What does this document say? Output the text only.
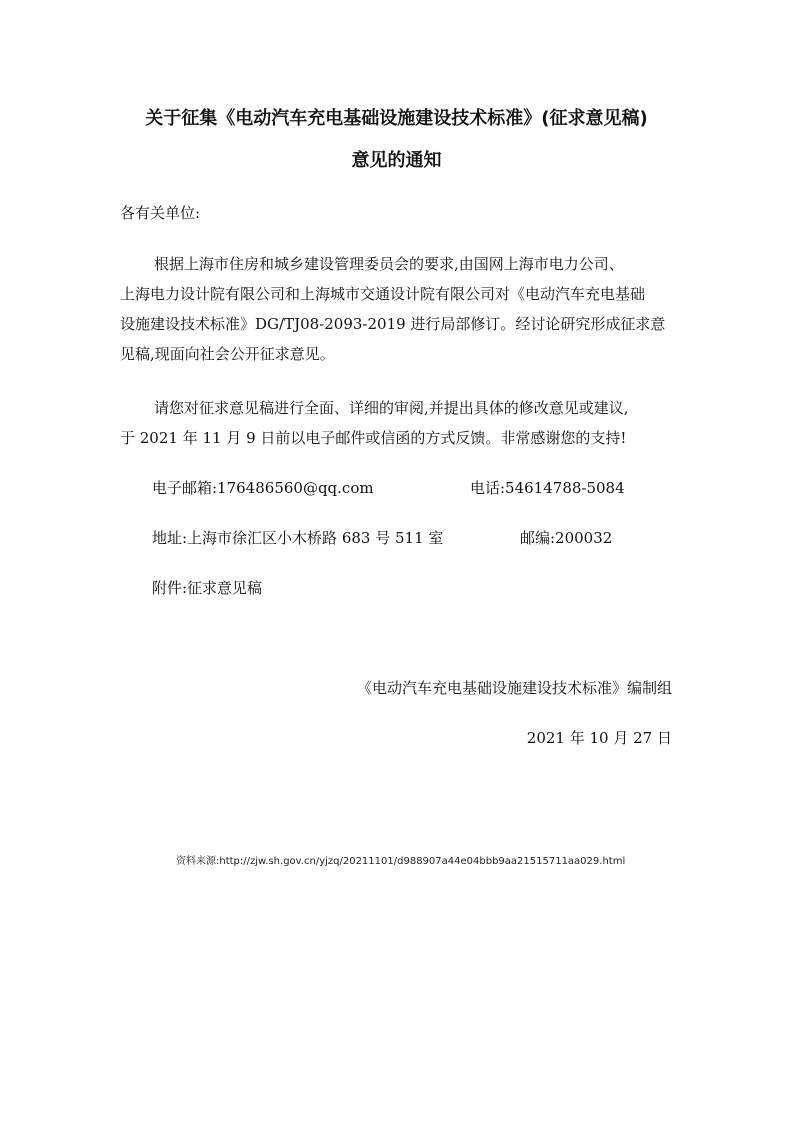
关于征集《电动汽车充电基础设施建设技术标准》(征求意见稿)
意见的通知
各有关单位:
根据上海市住房和城乡建设管理委员会的要求,由国网上海市电力公司、
上海电力设计院有限公司和上海城市交通设计院有限公司对《电动汽车充电基础
设施建设技术标准》DG/TJ08-2093-2019 进行局部修订。经讨论研究形成征求意
见稿,现面向社会公开征求意见。
请您对征求意见稿进行全面、详细的审阅,并提出具体的修改意见或建议,
于 2021 年 11 月 9 日前以电子邮件或信函的方式反馈。非常感谢您的支持!
电子邮箱:176486560@qq.com	电话:54614788-5084
地址:上海市徐汇区小木桥路 683 号 511 室	邮编:200032
附件:征求意见稿
《电动汽车充电基础设施建设技术标准》编制组
2021 年 10 月 27 日
资料来源:http://zjw.sh.gov.cn/yjzq/20211101/d988907a44e04bbb9aa21515711aa029.html
